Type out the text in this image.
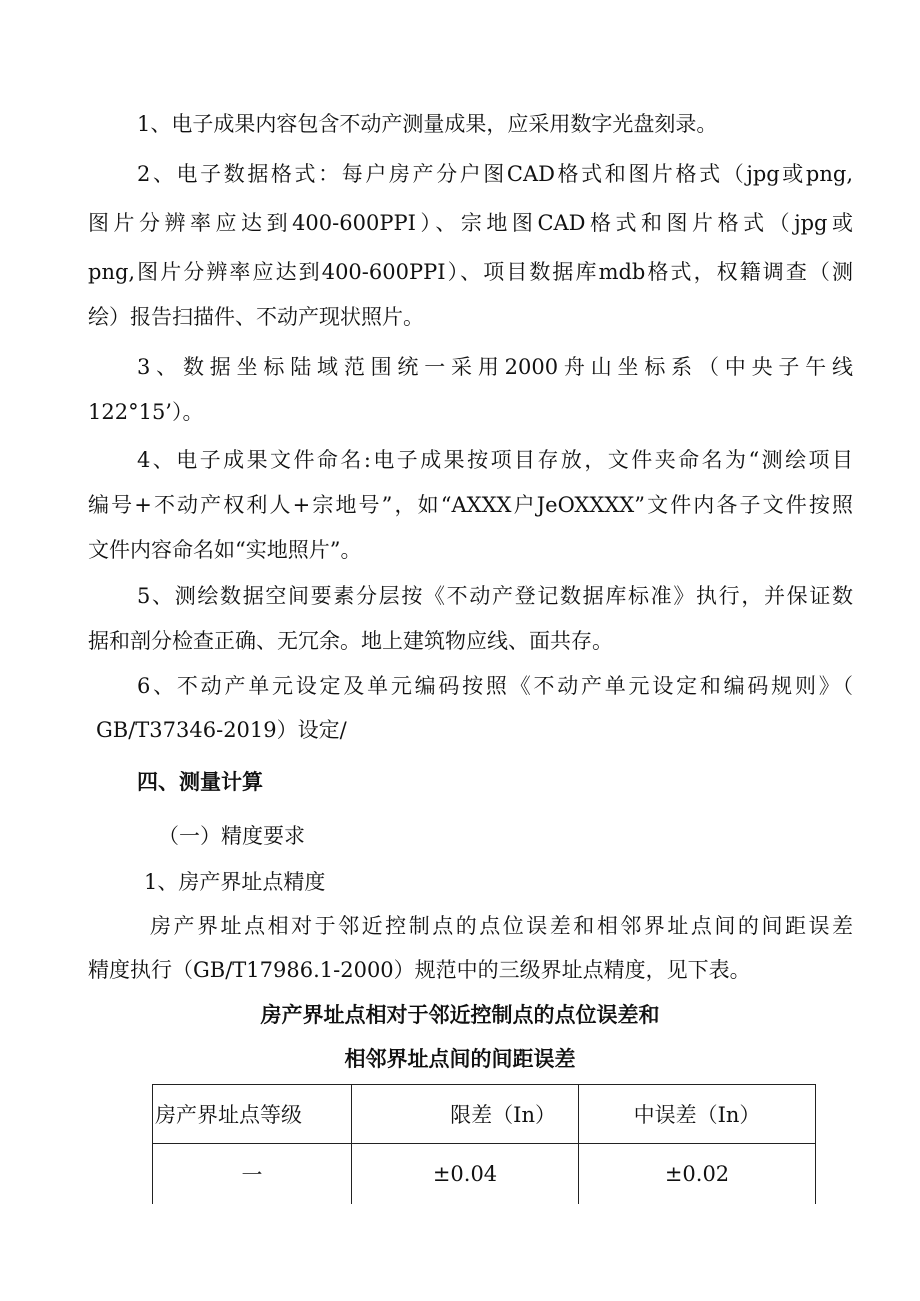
1、电子成果内容包含不动产测量成果，应采用数字光盘刻录。
2、电子数据格式：每户房产分户图CAD格式和图片格式（jpg或png,
图片分辨率应达到400-600PPI）、宗地图CAD格式和图片格式（jpg或
png,图片分辨率应达到400-600PPI）、项目数据库mdb格式，权籍调查（测
绘）报告扫描件、不动产现状照片。
3、数据坐标陆域范围统一采用2000舟山坐标系（中央子午线
122°15’）。
4、电子成果文件命名:电子成果按项目存放，文件夹命名为“测绘项目
编号+不动产权利人+宗地号”，如“AXXX户JeOXXXX”文件内各子文件按照
文件内容命名如“实地照片”。
5、测绘数据空间要素分层按《不动产登记数据库标准》执行，并保证数
据和剖分检查正确、无冗余。地上建筑物应线、面共存。
6、不动产单元设定及单元编码按照《不动产单元设定和编码规则》（
GB/T37346-2019）设定/
四、测量计算
（一）精度要求
1、房产界址点精度
房产界址点相对于邻近控制点的点位误差和相邻界址点间的间距误差
精度执行（GB/T17986.1-2000）规范中的三级界址点精度，见下表。
房产界址点相对于邻近控制点的点位误差和
相邻界址点间的间距误差
房产界址点等级	限差（In）	中误差（In）
一	±0.04	±0.02
